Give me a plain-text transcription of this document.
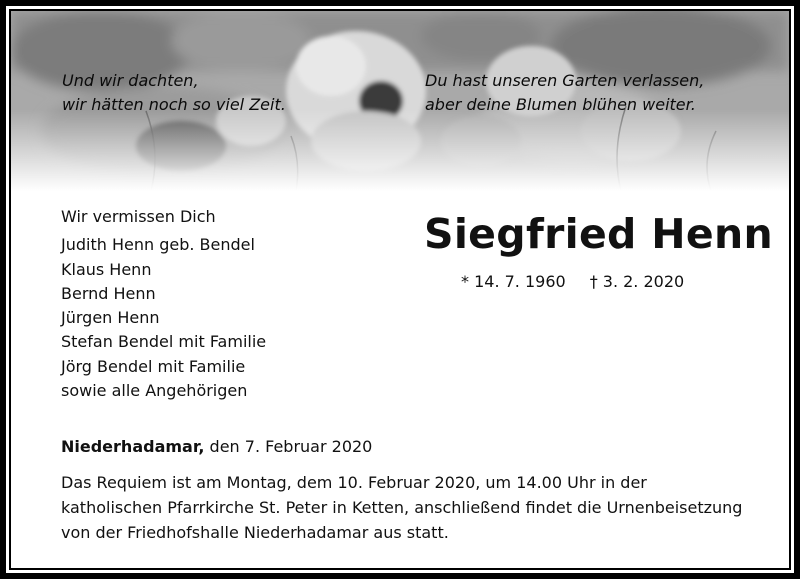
Und wir dachten,
wir hätten noch so viel Zeit.
Du hast unseren Garten verlassen,
aber deine Blumen blühen weiter.
Wir vermissen Dich
Judith Henn geb. Bendel
Klaus Henn
Bernd Henn
Jürgen Henn
Stefan Bendel mit Familie
Jörg Bendel mit Familie
sowie alle Angehörigen
Siegfried Henn
* 14. 7. 1960 † 3. 2. 2020
Niederhadamar, den 7. Februar 2020
Das Requiem ist am Montag, dem 10. Februar 2020, um 14.00 Uhr in der
katholischen Pfarrkirche St. Peter in Ketten, anschließend findet die Urnenbeisetzung
von der Friedhofshalle Niederhadamar aus statt.
